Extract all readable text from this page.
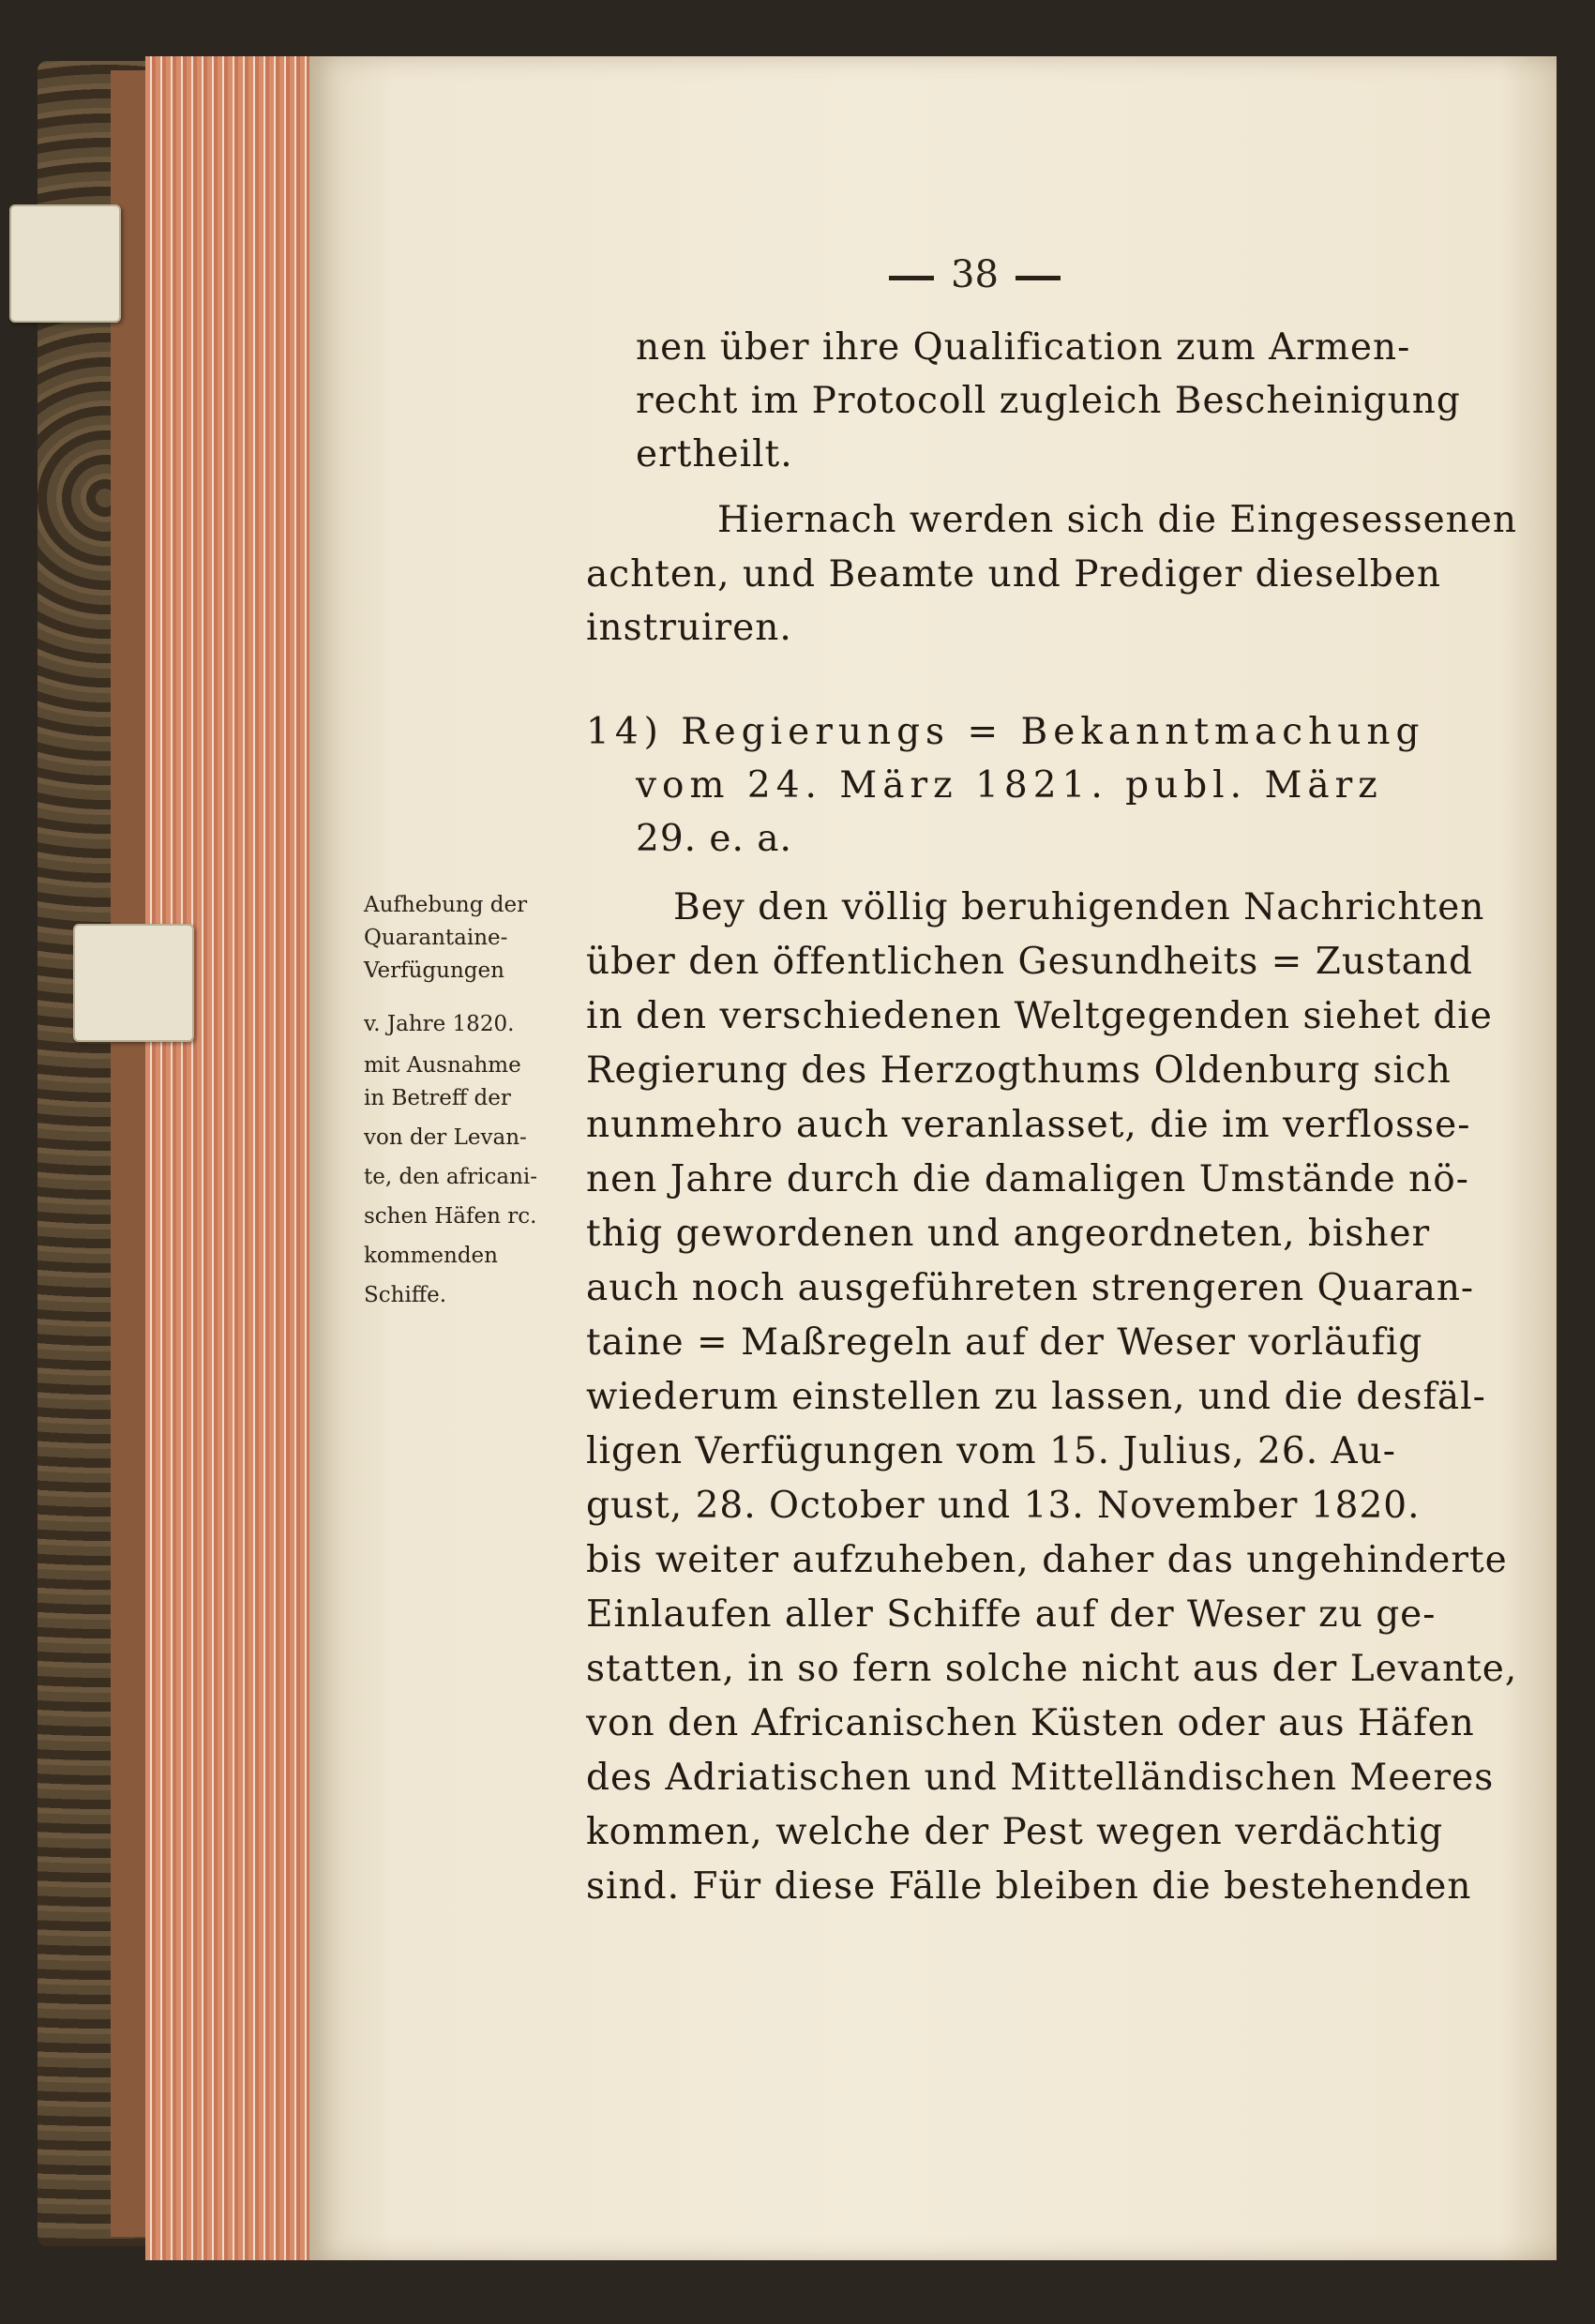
38
nen über ihre Qualification zum Armen-
recht im Protocoll zugleich Bescheinigung
ertheilt.
Hiernach werden sich die Eingesessenen
achten, und Beamte und Prediger dieselben
instruiren.
14) Regierungs = Bekanntmachung
vom 24. März 1821. publ. März
29. e. a.
Bey den völlig beruhigenden Nachrichten
über den öffentlichen Gesundheits = Zustand
in den verschiedenen Weltgegenden siehet die
Regierung des Herzogthums Oldenburg sich
nunmehro auch veranlasset, die im verflosse-
nen Jahre durch die damaligen Umstände nö-
thig gewordenen und angeordneten, bisher
auch noch ausgeführeten strengeren Quaran-
taine = Maßregeln auf der Weser vorläufig
wiederum einstellen zu lassen, und die desfäl-
ligen Verfügungen vom 15. Julius, 26. Au-
gust, 28. October und 13. November 1820.
bis weiter aufzuheben, daher das ungehinderte
Einlaufen aller Schiffe auf der Weser zu ge-
statten, in so fern solche nicht aus der Levante,
von den Africanischen Küsten oder aus Häfen
des Adriatischen und Mittelländischen Meeres
kommen, welche der Pest wegen verdächtig
sind. Für diese Fälle bleiben die bestehenden
Aufhebung der
Quarantaine-
Verfügungen
v. Jahre 1820.
mit Ausnahme
in Betreff der
von der Levan-
te, den africani-
schen Häfen rc.
kommenden
Schiffe.
